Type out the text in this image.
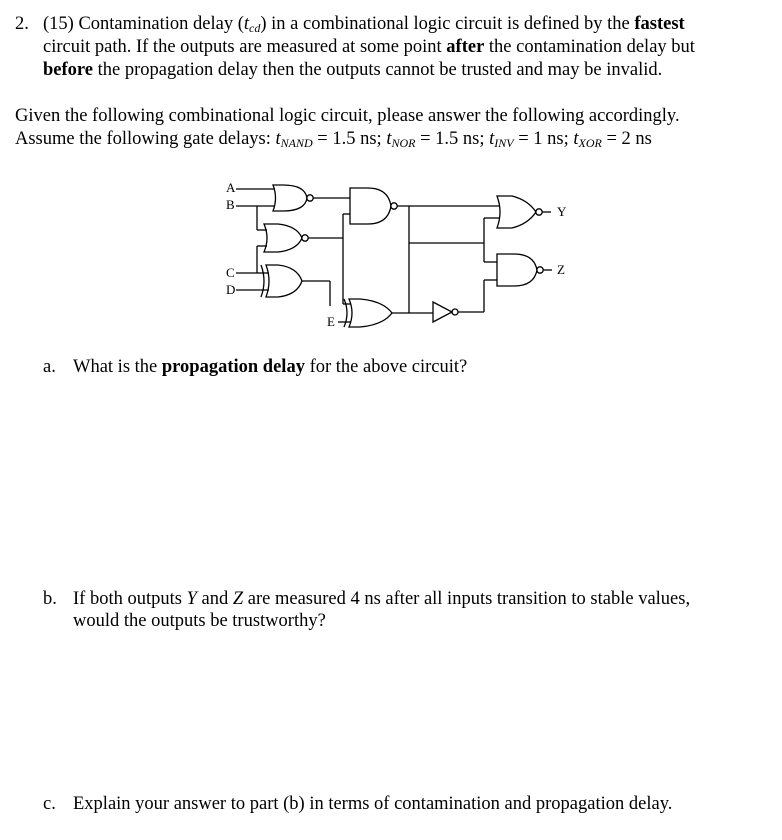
2. (15) Contamination delay (tcd) in a combinational logic circuit is defined by the fastest
circuit path. If the outputs are measured at some point after the contamination delay but
before the propagation delay then the outputs cannot be trusted and may be invalid.
Given the following combinational logic circuit, please answer the following accordingly.
Assume the following gate delays: tNAND = 1.5 ns; tNOR = 1.5 ns; tINV = 1 ns; tXOR = 2 ns
A
B
C
D
E
Y
Z
a. What is the propagation delay for the above circuit?
b. If both outputs Y and Z are measured 4 ns after all inputs transition to stable values,
would the outputs be trustworthy?
c. Explain your answer to part (b) in terms of contamination and propagation delay.
